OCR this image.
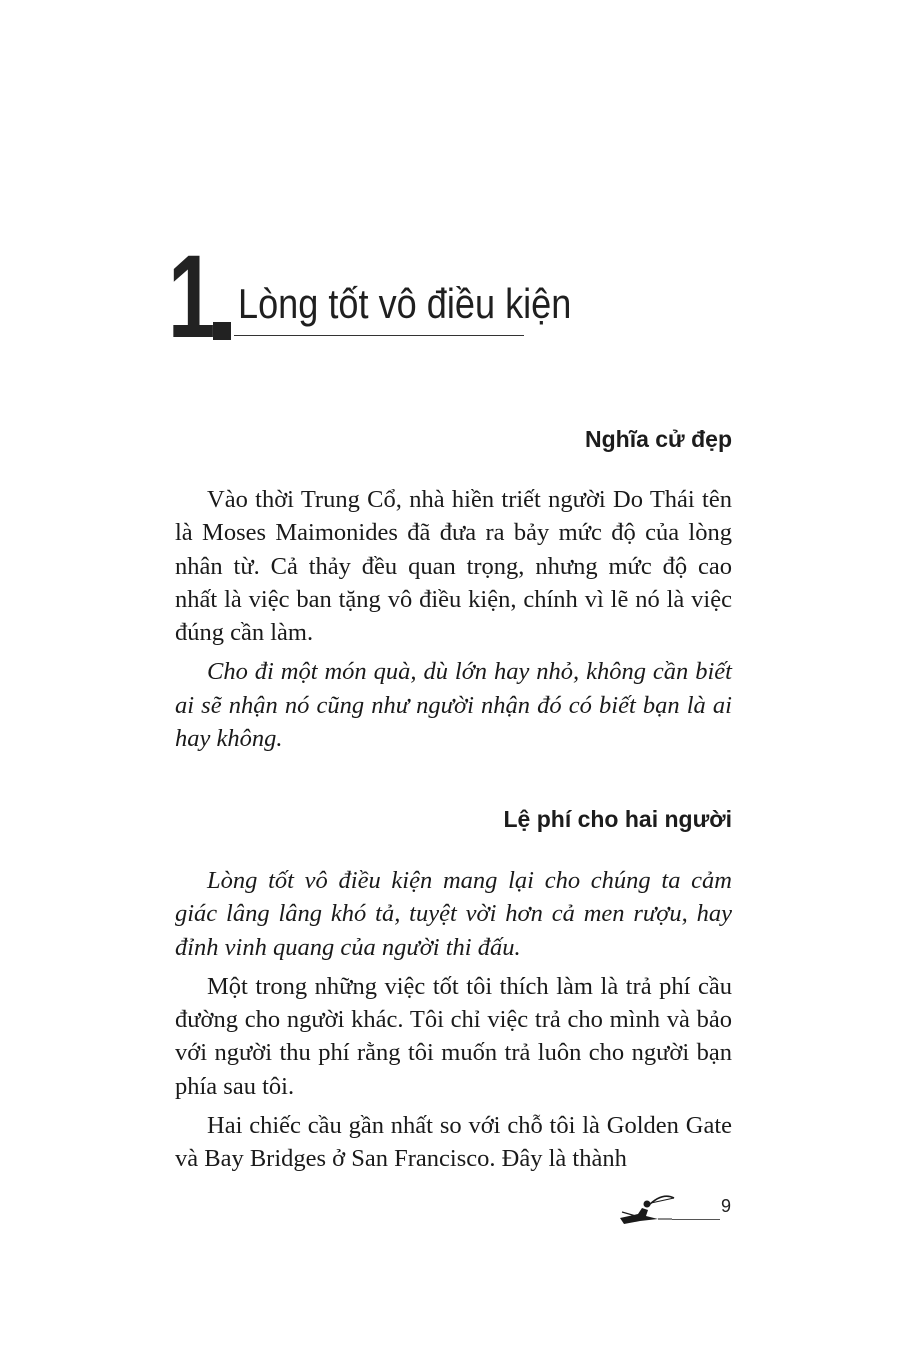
1 Lòng tốt vô điều kiện
Nghĩa cử đẹp

Vào thời Trung Cổ, nhà hiền triết người Do Thái tên là Moses Maimonides đã đưa ra bảy mức độ của lòng nhân từ. Cả thảy đều quan trọng, nhưng mức độ cao nhất là việc ban tặng vô điều kiện, chính vì lẽ nó là việc đúng cần làm.

Cho đi một món quà, dù lớn hay nhỏ, không cần biết ai sẽ nhận nó cũng như người nhận đó có biết bạn là ai hay không.

Lệ phí cho hai người

Lòng tốt vô điều kiện mang lại cho chúng ta cảm giác lâng lâng khó tả, tuyệt vời hơn cả men rượu, hay đỉnh vinh quang của người thi đấu.

Một trong những việc tốt tôi thích làm là trả phí cầu đường cho người khác. Tôi chỉ việc trả cho mình và bảo với người thu phí rằng tôi muốn trả luôn cho người bạn phía sau tôi.

Hai chiếc cầu gần nhất so với chỗ tôi là Golden Gate và Bay Bridges ở San Francisco. Đây là thành

9
